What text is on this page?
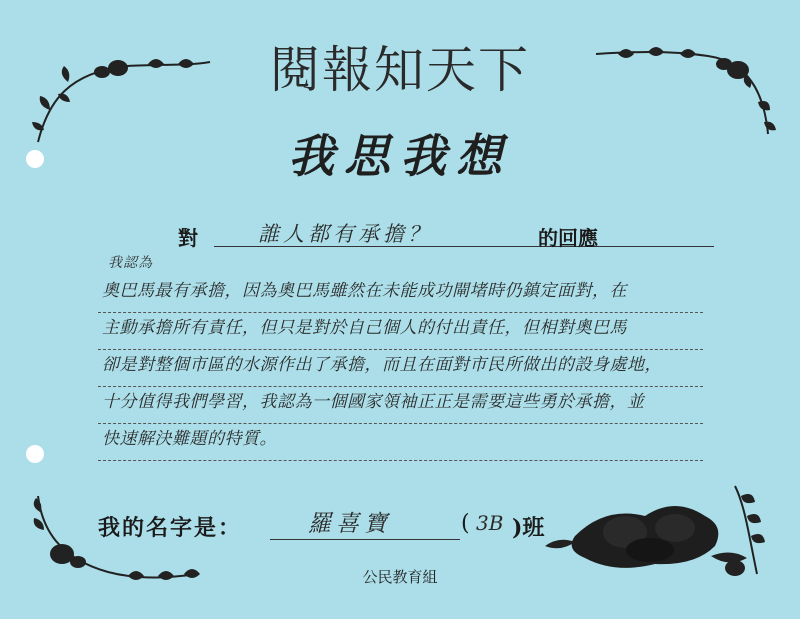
閱報知天下
我思我想
對	誰人都有承擔？	的回應
我認為
奧巴馬最有承擔，因為奧巴馬雖然在未能成功閘堵時仍鎮定面對，在
主動承擔所有責任，但只是對於自己個人的付出責任，但相對奧巴馬
卻是對整個市區的水源作出了承擔，而且在面對市民所做出的設身處地，
十分值得我們學習，我認為一個國家領袖正正是需要這些勇於承擔，並
快速解決難題的特質。
我的名字是：	羅喜寶	( 3B )班
公民教育組
